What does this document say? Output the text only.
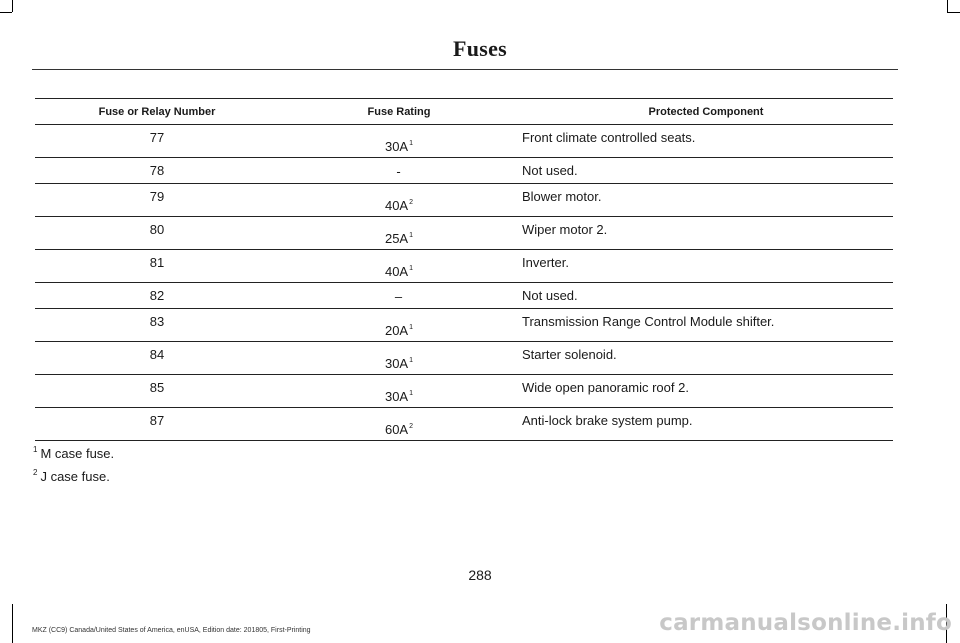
Fuses
Fuse or Relay Number	Fuse Rating	Protected Component

77	30A$^1$	Front climate controlled seats.

78	-	Not used.

79	40A$^2$	Blower motor.

80	25A$^1$	Wiper motor 2.

81	40A$^1$	Inverter.

82	–	Not used.

83	20A$^1$	Transmission Range Control Module shifter.

84	30A$^1$	Starter solenoid.

85	30A$^1$	Wide open panoramic roof 2.

87	60A$^2$	Anti-lock brake system pump.
$^1$ M case fuse.
$^2$ J case fuse.
288
MKZ (CC9) Canada/United States of America, enUSA, Edition date: 201805, First-Printing	carmanualsonline.info
